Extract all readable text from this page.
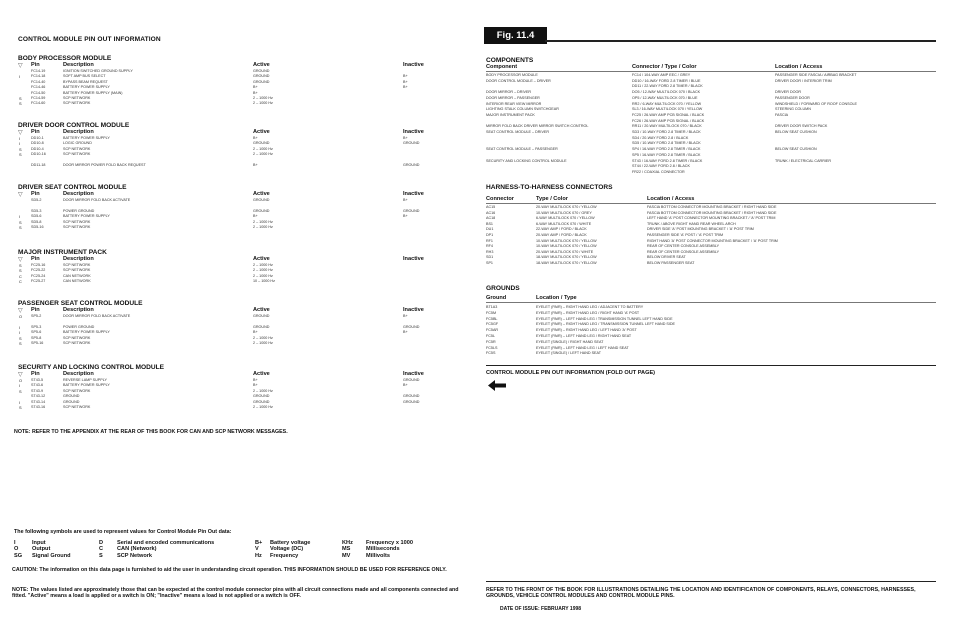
CONTROL MODULE PIN OUT INFORMATION
BODY PROCESSOR MODULE
▽ Pin	Description	Active	Inactive
FC14-19	IGNITION SWITCHED GROUND SUPPLY	GROUND
I	FC14-18	SOFT AMP BUS SELECT	GROUND	B+
FC14-40	BYPASS BEAM REQUEST	GROUND	B+
FC14-46	BATTERY POWER SUPPLY	B+	B+
FC14-50	BATTERY POWER SUPPLY (MAIN)	B+
S	FC14-59	SCP NETWORK	2 – 1000 Hz
S	FC14-60	SCP NETWORK	2 – 1000 Hz
DRIVER DOOR CONTROL MODULE
▽ Pin	Description	Active	Inactive
I	DD10-1	BATTERY POWER SUPPLY	B+	B+
I	DD10-8	LOGIC GROUND	GROUND	GROUND
S	DD10-4	SCP NETWORK	2 – 1000 Hz
S	DD10-16	SCP NETWORK	2 – 1000 Hz
DD11-18	DOOR MIRROR POWER FOLD BACK REQUEST	B+	GROUND
DRIVER SEAT CONTROL MODULE
▽ Pin	Description	Active	Inactive
SD5-2	DOOR MIRROR FOLD BACK ACTIVATE	GROUND	B+
SD5-3	POWER GROUND	GROUND	GROUND
I	SD5-6	BATTERY POWER SUPPLY	B+	B+
S	SD5-8	SCP NETWORK	2 – 1000 Hz
S	SD5-16	SCP NETWORK	2 – 1000 Hz
MAJOR INSTRUMENT PACK
▽ Pin	Description	Active	Inactive
S	FC25-16	SCP NETWORK	2 – 1000 Hz
S	FC25-22	SCP NETWORK	2 – 1000 Hz
C FC25-24	CAN NETWORK	2 – 1000 Hz
C FC25-27	CAN NETWORK	10 – 1000 Hz
PASSENGER SEAT CONTROL MODULE
▽ Pin	Description	Active	Inactive
O SP5-2	DOOR MIRROR FOLD BACK ACTIVATE	GROUND	B+
I	SP5-3	POWER GROUND	GROUND	GROUND
I	SP5-6	BATTERY POWER SUPPLY	B+	B+
S	SP5-8	SCP NETWORK	2 – 1000 Hz
S	SP5-16	SCP NETWORK	2 – 1000 Hz
SECURITY AND LOCKING CONTROL MODULE
▽ Pin	Description	Active	Inactive
O ST43-5	REVERSE LAMP SUPPLY	B+	GROUND
I	ST43-6	BATTERY POWER SUPPLY	B+	B+
S	ST43-9	SCP NETWORK	2 – 1000 Hz
ST43-12	GROUND	GROUND	GROUND
I	ST43-14	GROUND	GROUND	GROUND
S	ST43-16	SCP NETWORK	2 – 1000 Hz
NOTE: REFER TO THE APPENDIX AT THE REAR OF THIS BOOK FOR CAN AND SCP NETWORK MESSAGES.
The following symbols are used to represent values for Control Module Pin Out data:
I	Input	D Serial and encoded communications	B+ Battery voltage	KHz Frequency x 1000
O Output	C CAN (Network)	V Voltage (DC)	MS	Milliseconds
SG Signal Ground	S	SCP Network	Hz Frequency	MV	Millivolts
CAUTION: The information on this data page is furnished to aid the user in understanding circuit operation. THIS INFORMATION SHOULD BE USED FOR REFERENCE ONLY.
NOTE: The values listed are approximately those that can be expected at the control module connector pins with all circuit connections made and all components connected and fitted. "Active" means a load is applied or a switch is ON; "Inactive" means a load is not applied or a switch is OFF.
Fig. 11.4
COMPONENTS
Component	Connector / Type / Color	Location / Access
BODY PROCESSOR MODULE	FC14 / 104-WAY AMP EEC / GREY	PASSENGER SIDE FASCIA / AIRBAG BRACKET
DOOR CONTROL MODULE – DRIVER	DD10 / 16-WAY FORD 2.8 TIMER / BLUE	DRIVER DOOR / INTERIOR TRIM
DD11 / 22-WAY FORD 2.8 TIMER / BLACK
DOOR MIRROR – DRIVER	DO5 / 12-WAY MULTILOCK 070 / BLACK	DRIVER DOOR
DOOR MIRROR – PASSENGER	OP5 / 12-WAY MULTILOCK 070 / BLUE	PASSENGER DOOR
INTERIOR REAR VIEW MIRROR	RR2 / 6-WAY MULTILOCK 070 / YELLOW	WINDSHIELD / FORWARD OF ROOF CONSOLE
LIGHTING STALK COLUMN SWITCHGEAR	SL3 / 16-WAY MULTILOCK 070 / YELLOW	STEERING COLUMN
MAJOR INSTRUMENT PACK	FC25 / 26-WAY AMP PCB SIGNAL / BLACK	FASCIA
FC26 / 26-WAY AMP PCB SIGNAL / BLACK
MIRROR FOLD BACK DRIVER MIRROR SWITCH CONTROL	RR11 / 20-WAY MULTILOCK 070 / BLACK	DRIVER DOOR SWITCH PACK
SEAT CONTROL MODULE – DRIVER	SD3 / 10-WAY FORD 2.8 TIMER / BLACK	BELOW SEAT CUSHION
SD4 / 20-WAY FORD 2.8 / BLACK
SD5 / 10-WAY FORD 2.8 TIMER / BLACK
SEAT CONTROL MODULE – PASSENGER	SP4 / 16-WAY FORD 2.8 TIMER / BLACK	BELOW SEAT CUSHION
SP5 / 16-WAY FORD 2.8 TIMER / BLACK
SECURITY AND LOCKING CONTROL MODULE	ST43 / 16-WAY FORD 2.8 TIMER / BLACK	TRUNK / ELECTRICAL CARRIER
ST44 / 22-WAY FORD 2.8 / BLACK
FR22 / COAXIAL CONNECTOR
HARNESS-TO-HARNESS CONNECTORS
Connector	Type / Color	Location / Access
AC15	20-WAY MULTILOCK 070 / YELLOW	FASCIA BOTTOM CONNECTOR MOUNTING BRACKET / RIGHT HAND SIDE
AC16	10-WAY MULTILOCK 070 / GREY	FASCIA BOTTOM CONNECTOR MOUNTING BRACKET / RIGHT HAND SIDE
AC18	6-WAY MULTILOCK 070 / YELLOW	LEFT HAND 'A' POST CONNECTOR MOUNTING BRACKET / 'A' POST TRIM
BS1	6-WAY MULTILOCK 070 / WHITE	TRUNK / ABOVE RIGHT HAND REAR WHEEL ARCH
DU1	22-WAY AMP / FORD / BLACK	DRIVER SIDE 'A' POST MOUNTING BRACKET / 'A' POST TRIM
DP1	20-WAY AMP / FORD / BLACK	PASSENGER SIDE 'A' POST / 'A' POST TRIM
RF1	10-WAY MULTILOCK 070 / YELLOW	RIGHT HAND 'A' POST CONNECTOR MOUNTING BRACKET / 'A' POST TRIM
RF4	10-WAY MULTILOCK 070 / YELLOW	REAR OF CENTER CONSOLE ASSEMBLY
RH3	20-WAY MULTILOCK 070 / WHITE	REAR OF CENTER CONSOLE ASSEMBLY
SD1	18-WAY MULTILOCK 070 / YELLOW	BELOW DRIVER SEAT
SP1	18-WAY MULTILOCK 070 / YELLOW	BELOW PASSENGER SEAT
GROUNDS
Ground	Location / Type
BT1A3	EYELET (PAIR) – RIGHT HAND LEG / ADJACENT TO BATTERY
FC5M	EYELET (PAIR) – RIGHT HAND LEG / RIGHT HAND 'A' POST
FC5BL	EYELET (PAIR) – LEFT HAND LEG / TRANSMISSION TUNNEL LEFT HAND SIDE
FC5GF	EYELET (PAIR) – RIGHT HAND LEG / TRANSMISSION TUNNEL LEFT HAND SIDE
FC5AR	EYELET (PAIR) – RIGHT HAND LEG / LEFT HAND 'A' POST
FC5L	EYELET (PAIR) – LEFT HAND LEG / RIGHT HAND SEAT
FC5R	EYELET (SINGLE) / RIGHT HAND SEAT
FC5LS	EYELET (PAIR) – LEFT HAND LEG / LEFT HAND SEAT
FC5S	EYELET (SINGLE) / LEFT HAND SEAT
CONTROL MODULE PIN OUT INFORMATION (FOLD OUT PAGE)
REFER TO THE FRONT OF THE BOOK FOR ILLUSTRATIONS DETAILING THE LOCATION AND IDENTIFICATION OF COMPONENTS, RELAYS, CONNECTORS, HARNESSES, GROUNDS, VEHICLE CONTROL MODULES AND CONTROL MODULE PINS.
DATE OF ISSUE: FEBRUARY 1998
